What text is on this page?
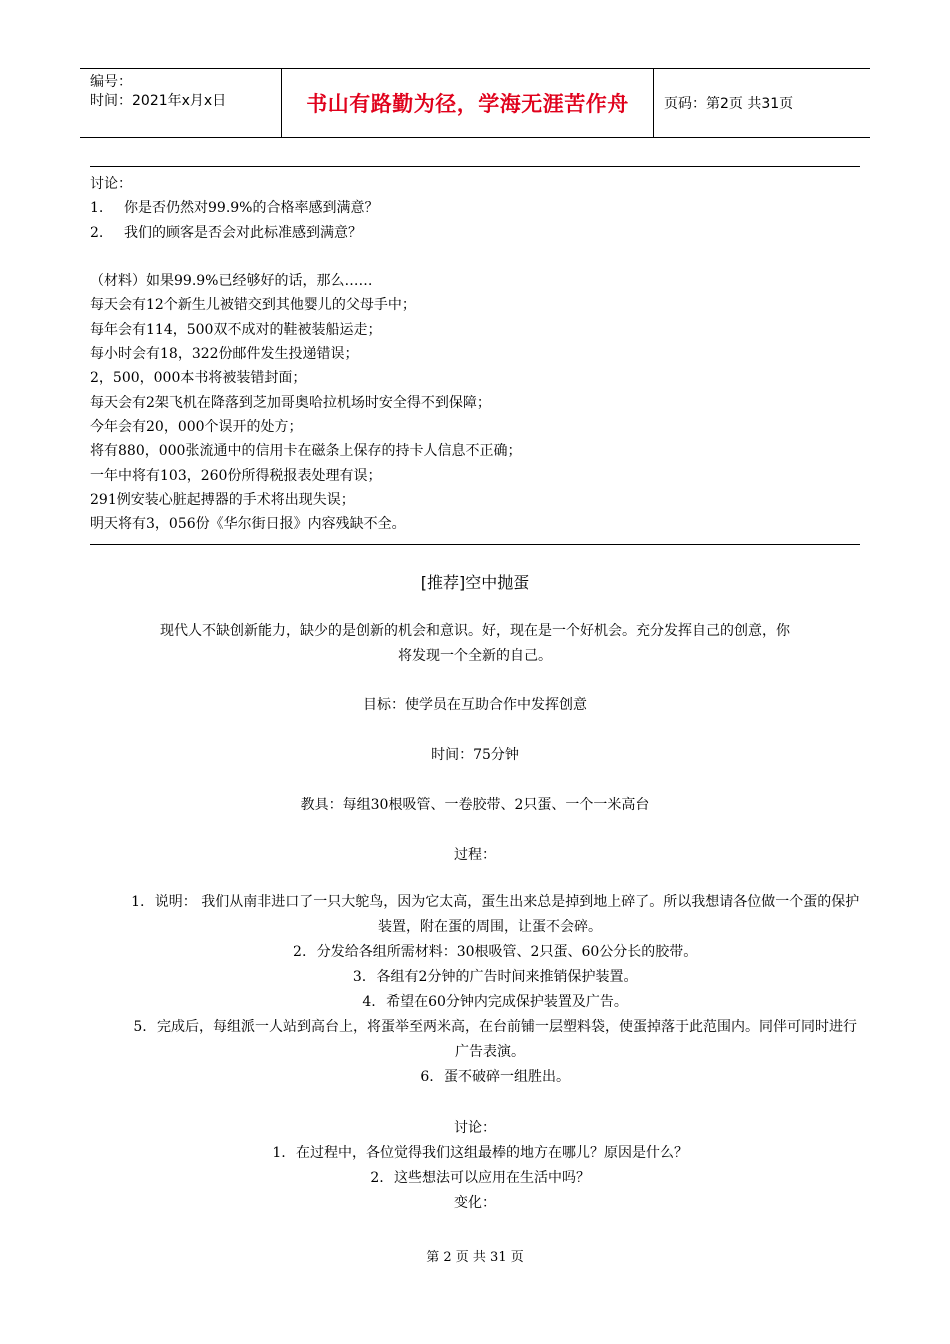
编号：
时间：2021年x月x日	书山有路勤为径，学海无涯苦作舟	页码：第2页 共31页

讨论：

1. 你是否仍然对99.9%的合格率感到满意？

2. 我们的顾客是否会对此标准感到满意？

（材料）如果99.9%已经够好的话，那么……

每天会有12个新生儿被错交到其他婴儿的父母手中；

每年会有114，500双不成对的鞋被装船运走；

每小时会有18，322份邮件发生投递错误；

2，500，000本书将被装错封面；

每天会有2架飞机在降落到芝加哥奥哈拉机场时安全得不到保障；

今年会有20，000个误开的处方；

将有880，000张流通中的信用卡在磁条上保存的持卡人信息不正确；

一年中将有103，260份所得税报表处理有误；

291例安装心脏起搏器的手术将出现失误；

明天将有3，056份《华尔街日报》内容残缺不全。

[推荐]空中抛蛋
现代人不缺创新能力，缺少的是创新的机会和意识。好，现在是一个好机会。充分发挥自己的创意，你
将发现一个全新的自己。
目标：使学员在互助合作中发挥创意
时间：75分钟
教具：每组30根吸管、一卷胶带、2只蛋、一个一米高台
过程：

1. 说明： 我们从南非进口了一只大鸵鸟，因为它太高，蛋生出来总是掉到地上碎了。所以我想请各位做一个蛋的保护装置，附在蛋的周围，让蛋不会碎。

2. 分发给各组所需材料：30根吸管、2只蛋、60公分长的胶带。

3. 各组有2分钟的广告时间来推销保护装置。

4. 希望在60分钟内完成保护装置及广告。

5. 完成后，每组派一人站到高台上，将蛋举至两米高，在台前铺一层塑料袋，使蛋掉落于此范围内。同伴可同时进行广告表演。

6. 蛋不破碎一组胜出。

讨论：
1. 在过程中，各位觉得我们这组最棒的地方在哪儿？原因是什么？
2. 这些想法可以应用在生活中吗？
变化：
第 2 页 共 31 页
